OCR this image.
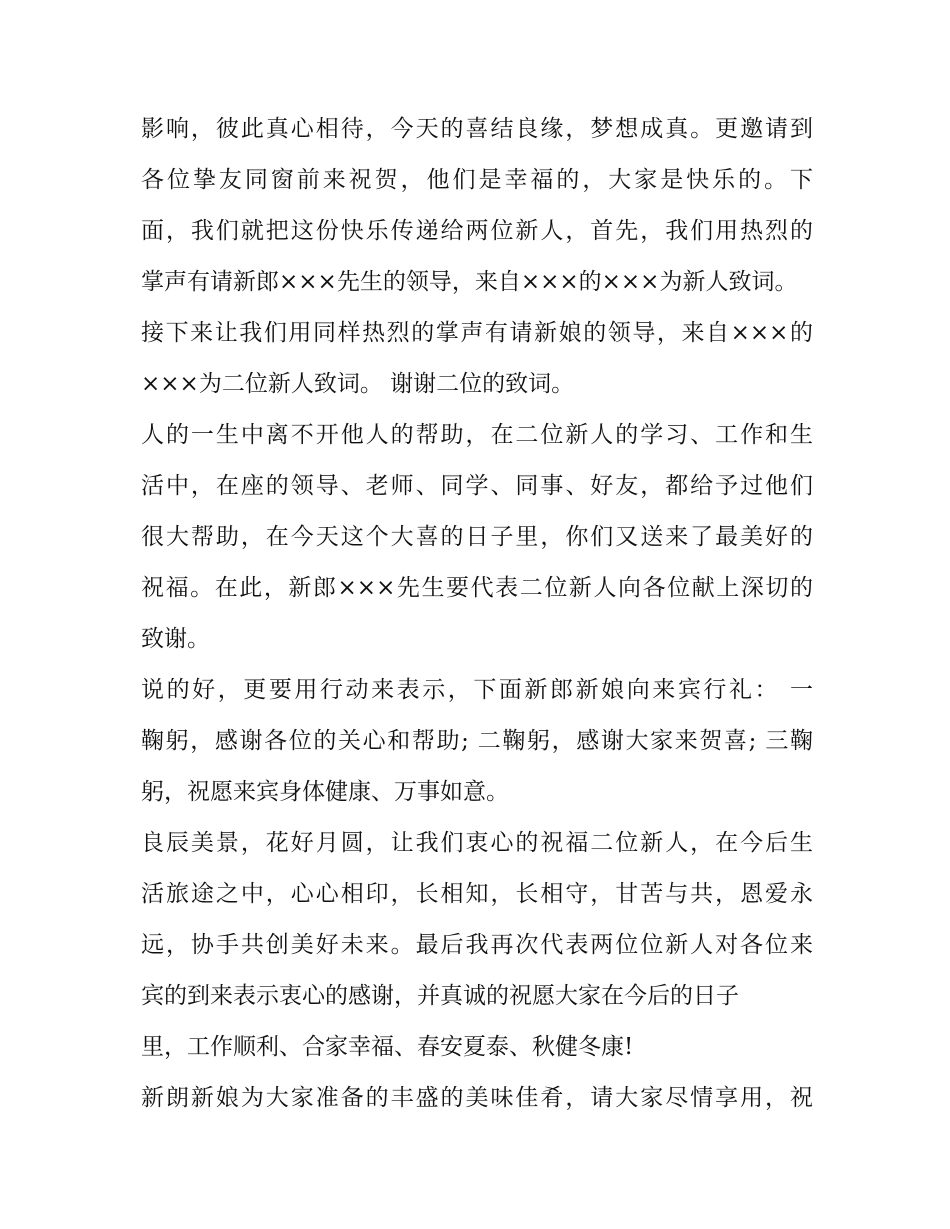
影响，彼此真心相待，今天的喜结良缘，梦想成真。更邀请到
各位挚友同窗前来祝贺，他们是幸福的，大家是快乐的。下
面，我们就把这份快乐传递给两位新人，首先，我们用热烈的
掌声有请新郎×××先生的领导，来自×××的×××为新人致词。
接下来让我们用同样热烈的掌声有请新娘的领导，来自×××的
×××为二位新人致词。 谢谢二位的致词。
人的一生中离不开他人的帮助，在二位新人的学习、工作和生
活中，在座的领导、老师、同学、同事、好友，都给予过他们
很大帮助，在今天这个大喜的日子里，你们又送来了最美好的
祝福。在此，新郎×××先生要代表二位新人向各位献上深切的
致谢。
说的好，更要用行动来表示，下面新郎新娘向来宾行礼： 一
鞠躬，感谢各位的关心和帮助; 二鞠躬，感谢大家来贺喜; 三鞠
躬，祝愿来宾身体健康、万事如意。
良辰美景，花好月圆，让我们衷心的祝福二位新人，在今后生
活旅途之中，心心相印，长相知，长相守，甘苦与共，恩爱永
远，协手共创美好未来。最后我再次代表两位位新人对各位来
宾的到来表示衷心的感谢，并真诚的祝愿大家在今后的日子
里，工作顺利、合家幸福、春安夏泰、秋健冬康!
新朗新娘为大家准备的丰盛的美味佳肴，请大家尽情享用，祝
